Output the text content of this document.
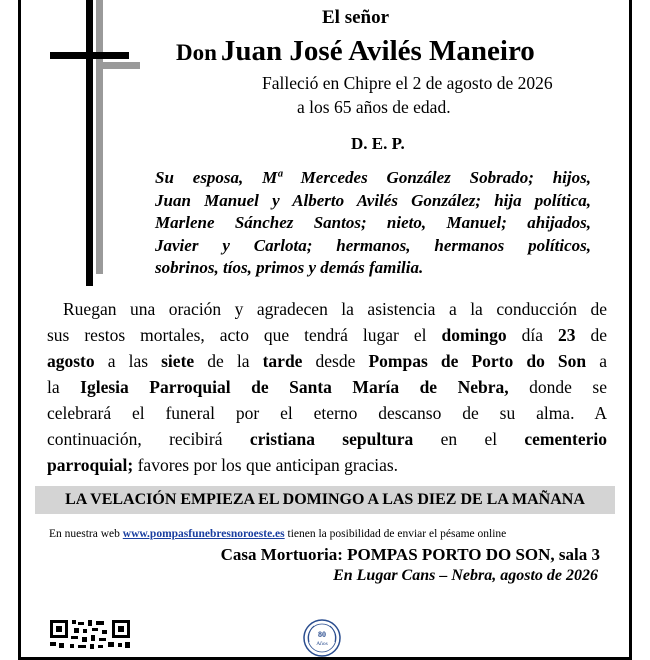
El señor
Don Juan José Avilés Maneiro
Falleció en Chipre el 2 de agosto de 2026
a los 65 años de edad.
D. E. P.
Su esposa, Mª Mercedes González Sobrado; hijos,
Juan Manuel y Alberto Avilés González; hija política,
Marlene Sánchez Santos; nieto, Manuel; ahijados,
Javier y Carlota; hermanos, hermanos políticos,
sobrinos, tíos, primos y demás familia.
Ruegan una oración y agradecen la asistencia a la conducción de
sus restos mortales, acto que tendrá lugar el domingo día 23 de
agosto a las siete de la tarde desde Pompas de Porto do Son a
la Iglesia Parroquial de Santa María de Nebra, donde se
celebrará el funeral por el eterno descanso de su alma. A
continuación, recibirá cristiana sepultura en el cementerio
parroquial; favores por los que anticipan gracias.
LA VELACIÓN EMPIEZA EL DOMINGO A LAS DIEZ DE LA MAÑANA
En nuestra web www.pompasfunebresnoroeste.es tienen la posibilidad de enviar el pésame online
Casa Mortuoria: POMPAS PORTO DO SON, sala 3
En Lugar Cans – Nebra, agosto de 2026
80
Años
